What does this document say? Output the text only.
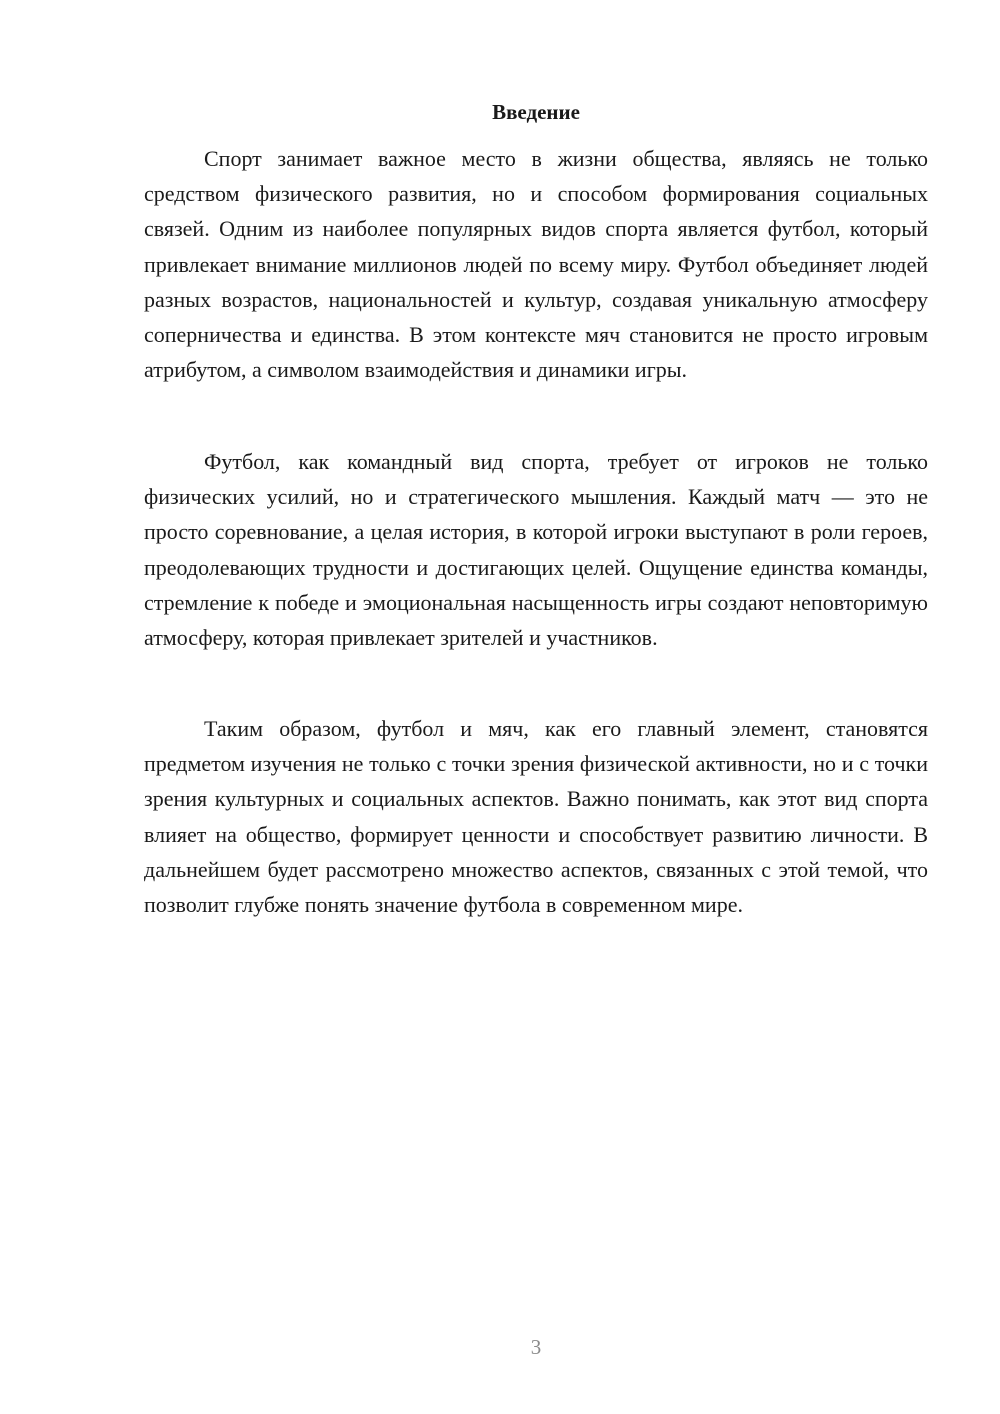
Введение

Спорт занимает важное место в жизни общества, являясь не только средством физического развития, но и способом формирования социальных связей. Одним из наиболее популярных видов спорта является футбол, который привлекает внимание миллионов людей по всему миру. Футбол объединяет людей разных возрастов, национальностей и культур, создавая уникальную атмосферу соперничества и единства. В этом контексте мяч становится не просто игровым атрибутом, а символом взаимодействия и динамики игры.

Футбол, как командный вид спорта, требует от игроков не только физических усилий, но и стратегического мышления. Каждый матч — это не просто соревнование, а целая история, в которой игроки выступают в роли героев, преодолевающих трудности и достигающих целей. Ощущение единства команды, стремление к победе и эмоциональная насыщенность игры создают неповторимую атмосферу, которая привлекает зрителей и участников.

Таким образом, футбол и мяч, как его главный элемент, становятся предметом изучения не только с точки зрения физической активности, но и с точки зрения культурных и социальных аспектов. Важно понимать, как этот вид спорта влияет на общество, формирует ценности и способствует развитию личности. В дальнейшем будет рассмотрено множество аспектов, связанных с этой темой, что позволит глубже понять значение футбола в современном мире.

3
